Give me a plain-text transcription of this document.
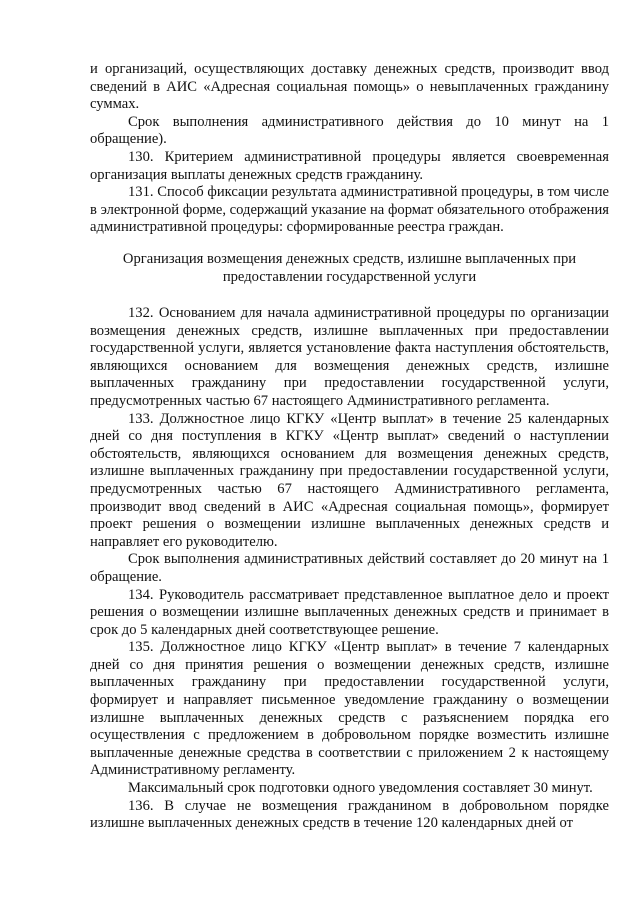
и организаций, осуществляющих доставку денежных средств, производит ввод сведений в АИС «Адресная социальная помощь» о невыплаченных гражданину суммах.

Срок выполнения административного действия до 10 минут на 1 обращение).

130. Критерием административной процедуры является своевременная организация выплаты денежных средств гражданину.

131. Способ фиксации результата административной процедуры, в том числе в электронной форме, содержащий указание на формат обязательного отображения административной процедуры: сформированные реестра граждан.

Организация возмещения денежных средств, излишне выплаченных при
предоставлении государственной услуги

132. Основанием для начала административной процедуры по организации возмещения денежных средств, излишне выплаченных при предоставлении государственной услуги, является установление факта наступления обстоятельств, являющихся основанием для возмещения денежных средств, излишне выплаченных гражданину при предоставлении государственной услуги, предусмотренных частью 67 настоящего Административного регламента.

133. Должностное лицо КГКУ «Центр выплат» в течение 25 календарных дней со дня поступления в КГКУ «Центр выплат» сведений о наступлении обстоятельств, являющихся основанием для возмещения денежных средств, излишне выплаченных гражданину при предоставлении государственной услуги, предусмотренных частью 67 настоящего Административного регламента, производит ввод сведений в АИС «Адресная социальная помощь», формирует проект решения о возмещении излишне выплаченных денежных средств и направляет его руководителю.

Срок выполнения административных действий составляет до 20 минут на 1 обращение.

134. Руководитель рассматривает представленное выплатное дело и проект решения о возмещении излишне выплаченных денежных средств и принимает в срок до 5 календарных дней соответствующее решение.

135. Должностное лицо КГКУ «Центр выплат» в течение 7 календарных дней со дня принятия решения о возмещении денежных средств, излишне выплаченных гражданину при предоставлении государственной услуги, формирует и направляет письменное уведомление гражданину о возмещении излишне выплаченных денежных средств с разъяснением порядка его осуществления с предложением в добровольном порядке возместить излишне выплаченные денежные средства в соответствии с приложением 2 к настоящему Административному регламенту.

Максимальный срок подготовки одного уведомления составляет 30 минут.

136. В случае не возмещения гражданином в добровольном порядке излишне выплаченных денежных средств в течение 120 календарных дней от
